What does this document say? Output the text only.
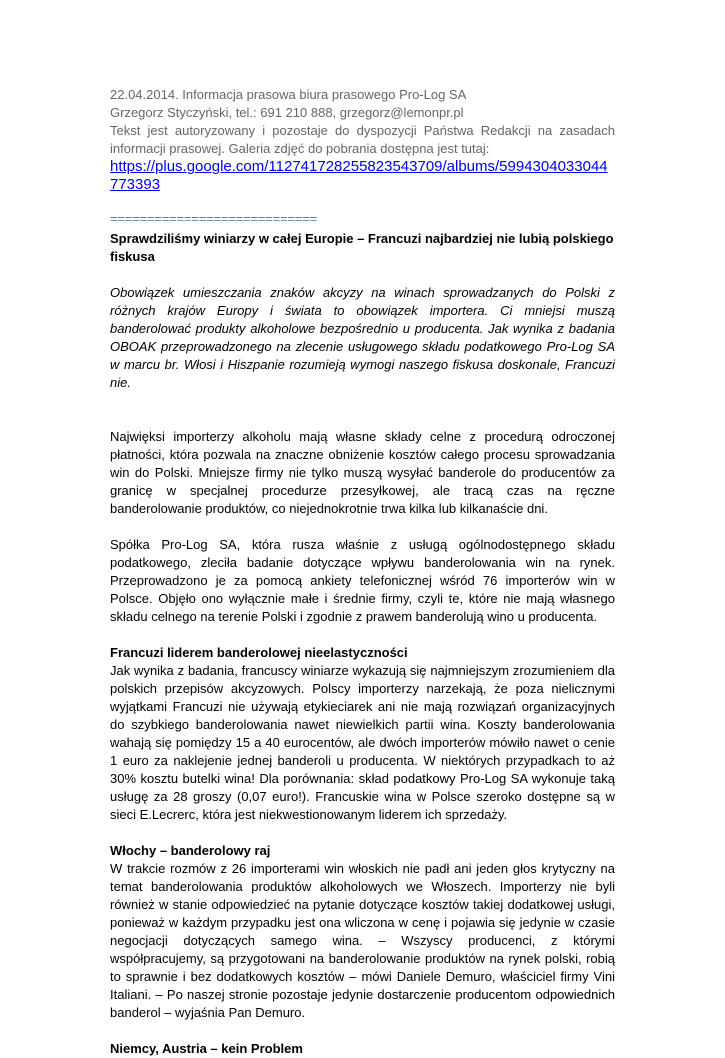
22.04.2014. Informacja prasowa biura prasowego Pro-Log SA

Grzegorz Styczyński, tel.: 691 210 888, grzegorz@lemonpr.pl

Tekst jest autoryzowany i pozostaje do dyspozycji Państwa Redakcji na zasadach informacji prasowej. Galeria zdjęć do pobrania dostępna jest tutaj:

https://plus.google.com/112741728255823543709/albums/5994304033044773393

============================

Sprawdziliśmy winiarzy w całej Europie – Francuzi najbardziej nie lubią polskiego fiskusa

Obowiązek umieszczania znaków akcyzy na winach sprowadzanych do Polski z różnych krajów Europy i świata to obowiązek importera. Ci mniejsi muszą banderolować produkty alkoholowe bezpośrednio u producenta. Jak wynika z badania OBOAK przeprowadzonego na zlecenie usługowego składu podatkowego Pro-Log SA w marcu br. Włosi i Hiszpanie rozumieją wymogi naszego fiskusa doskonale, Francuzi nie.

Najwięksi importerzy alkoholu mają własne składy celne z procedurą odroczonej płatności, która pozwala na znaczne obniżenie kosztów całego procesu sprowadzania win do Polski. Mniejsze firmy nie tylko muszą wysyłać banderole do producentów za granicę w specjalnej procedurze przesyłkowej, ale tracą czas na ręczne banderolowanie produktów, co niejednokrotnie trwa kilka lub kilkanaście dni.

Spółka Pro-Log SA, która rusza właśnie z usługą ogólnodostępnego składu podatkowego, zleciła badanie dotyczące wpływu banderolowania win na rynek. Przeprowadzono je za pomocą ankiety telefonicznej wśród 76 importerów win w Polsce. Objęło ono wyłącznie małe i średnie firmy, czyli te, które nie mają własnego składu celnego na terenie Polski i zgodnie z prawem banderolują wino u producenta.

Francuzi liderem banderolowej nieelastyczności

Jak wynika z badania, francuscy winiarze wykazują się najmniejszym zrozumieniem dla polskich przepisów akcyzowych. Polscy importerzy narzekają, że poza nielicznymi wyjątkami Francuzi nie używają etykieciarek ani nie mają rozwiązań organizacyjnych do szybkiego banderolowania nawet niewielkich partii wina. Koszty banderolowania wahają się pomiędzy 15 a 40 eurocentów, ale dwóch importerów mówiło nawet o cenie 1 euro za naklejenie jednej banderoli u producenta. W niektórych przypadkach to aż 30% kosztu butelki wina! Dla porównania: skład podatkowy Pro-Log SA wykonuje taką usługę za 28 groszy (0,07 euro!). Francuskie wina w Polsce szeroko dostępne są w sieci E.Lecrerc, która jest niekwestionowanym liderem ich sprzedaży.

Włochy – banderolowy raj

W trakcie rozmów z 26 importerami win włoskich nie padł ani jeden głos krytyczny na temat banderolowania produktów alkoholowych we Włoszech. Importerzy nie byli również w stanie odpowiedzieć na pytanie dotyczące kosztów takiej dodatkowej usługi, ponieważ w każdym przypadku jest ona wliczona w cenę i pojawia się jedynie w czasie negocjacji dotyczących samego wina. – Wszyscy producenci, z którymi współpracujemy, są przygotowani na banderolowanie produktów na rynek polski, robią to sprawnie i bez dodatkowych kosztów – mówi Daniele Demuro, właściciel firmy Vini Italiani. – Po naszej stronie pozostaje jedynie dostarczenie producentom odpowiednich banderol – wyjaśnia Pan Demuro.

Niemcy, Austria – kein Problem
